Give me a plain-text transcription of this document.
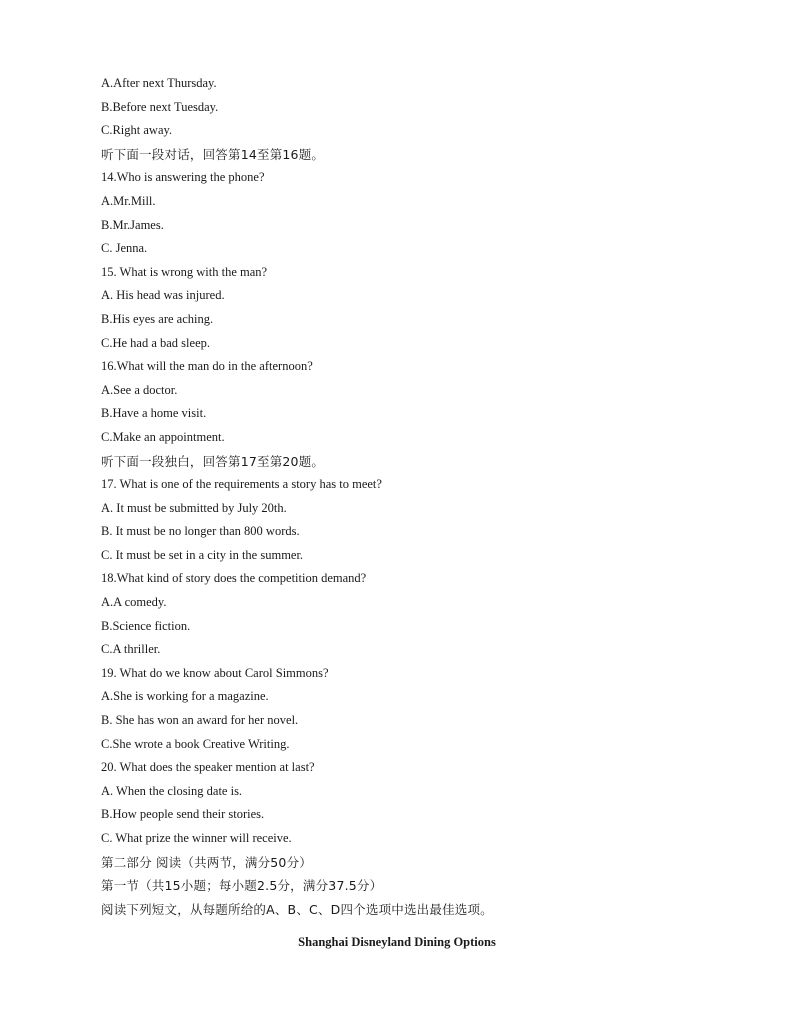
A.After next Thursday.
B.Before next Tuesday.
C.Right away.
听下面一段对话，回答第14至第16题。
14.Who is answering the phone?
A.Mr.Mill.
B.Mr.James.
C. Jenna.
15. What is wrong with the man?
A. His head was injured.
B.His eyes are aching.
C.He had a bad sleep.
16.What will the man do in the afternoon?
A.See a doctor.
B.Have a home visit.
C.Make an appointment.
听下面一段独白，回答第17至第20题。
17. What is one of the requirements a story has to meet?
A. It must be submitted by July 20th.
B. It must be no longer than 800 words.
C. It must be set in a city in the summer.
18.What kind of story does the competition demand?
A.A comedy.
B.Science fiction.
C.A thriller.
19. What do we know about Carol Simmons?
A.She is working for a magazine.
B. She has won an award for her novel.
C.She wrote a book Creative Writing.
20. What does the speaker mention at last?
A. When the closing date is.
B.How people send their stories.
C. What prize the winner will receive.
第二部分 阅读（共两节，满分50分）
第一节（共15小题；每小题2.5分，满分37.5分）
阅读下列短文，从每题所给的A、B、C、D四个选项中选出最佳选项。
Shanghai Disneyland Dining Options
